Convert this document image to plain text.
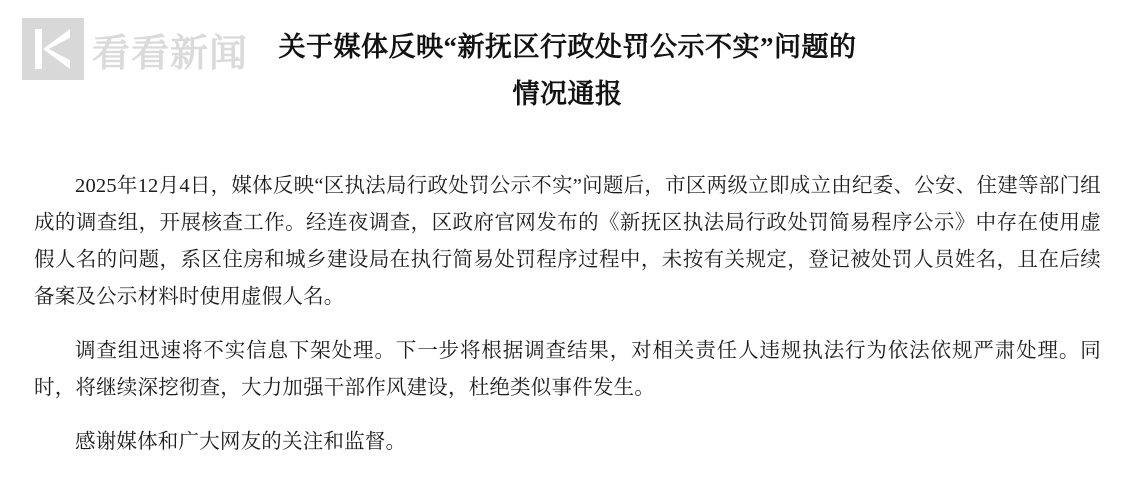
看看新闻	关于媒体反映“新抚区行政处罚公示不实”问题的
情况通报

2025年12月4日，媒体反映“区执法局行政处罚公示不实”问题后，市区两级立即成立由纪委、公安、住建等部门组成的调查组，开展核查工作。经连夜调查，区政府官网发布的《新抚区执法局行政处罚简易程序公示》中存在使用虚假人名的问题，系区住房和城乡建设局在执行简易处罚程序过程中，未按有关规定，登记被处罚人员姓名，且在后续备案及公示材料时使用虚假人名。

调查组迅速将不实信息下架处理。下一步将根据调查结果，对相关责任人违规执法行为依法依规严肃处理。同时，将继续深挖彻查，大力加强干部作风建设，杜绝类似事件发生。

感谢媒体和广大网友的关注和监督。
